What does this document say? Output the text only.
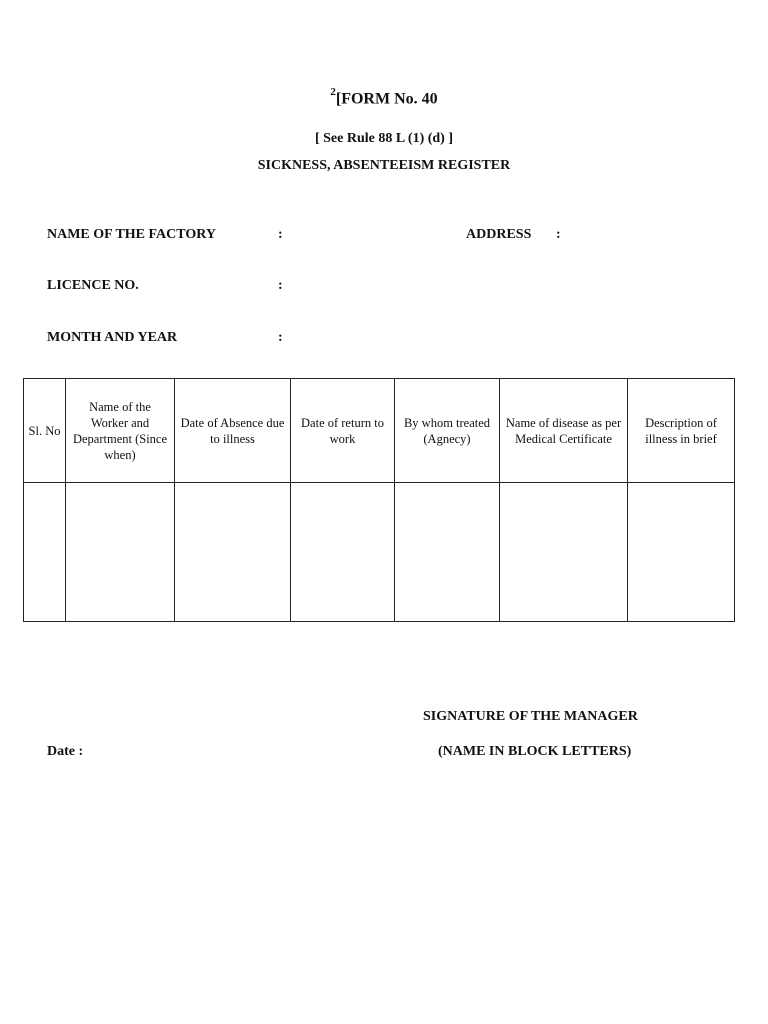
$^2$[FORM No. 40
[ See Rule 88 L (1) (d) ]
SICKNESS, ABSENTEEISM REGISTER
NAME OF THE FACTORY	:	ADDRESS :
LICENCE NO.	:
MONTH AND YEAR	:
Sl. No	Name of the Worker and Department (Since when)	Date of Absence due to illness	Date of return to work	By whom treated (Agnecy)	Name of disease as per Medical Certificate	Description of illness in brief

SIGNATURE OF THE MANAGER
Date :	(NAME IN BLOCK LETTERS)
